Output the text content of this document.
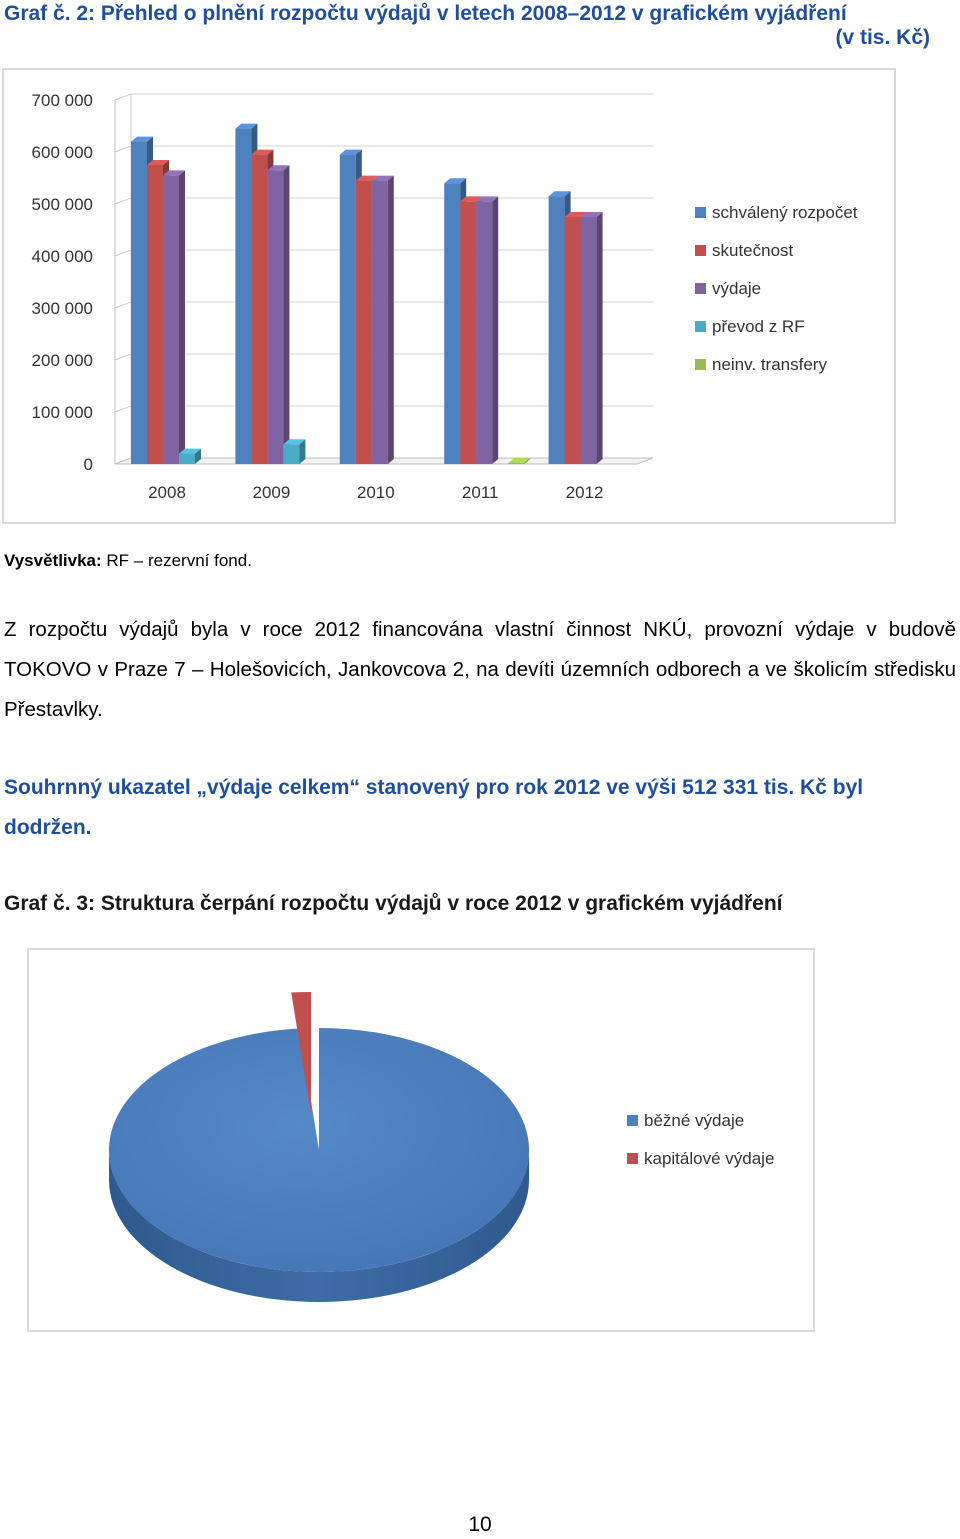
Graf č. 2: Přehled o plnění rozpočtu výdajů v letech 2008–2012 v grafickém vyjádření
(v tis. Kč)
0
100 000
200 000
300 000
400 000
500 000
600 000
700 000
2008	2009	2010	2011	2012
schválený rozpočet
skutečnost
výdaje
převod z RF
neinv. transfery
Vysvětlivka: RF – rezervní fond.
Z rozpočtu výdajů byla v roce 2012 financována vlastní činnost NKÚ, provozní výdaje v budově TOKOVO v Praze 7 – Holešovicích, Jankovcova 2, na devíti územních odborech a ve školicím středisku Přestavlky.
Souhrnný ukazatel „výdaje celkem“ stanovený pro rok 2012 ve výši 512 331 tis. Kč byl dodržen.
Graf č. 3: Struktura čerpání rozpočtu výdajů v roce 2012 v grafickém vyjádření
běžné výdaje
kapitálové výdaje
10
